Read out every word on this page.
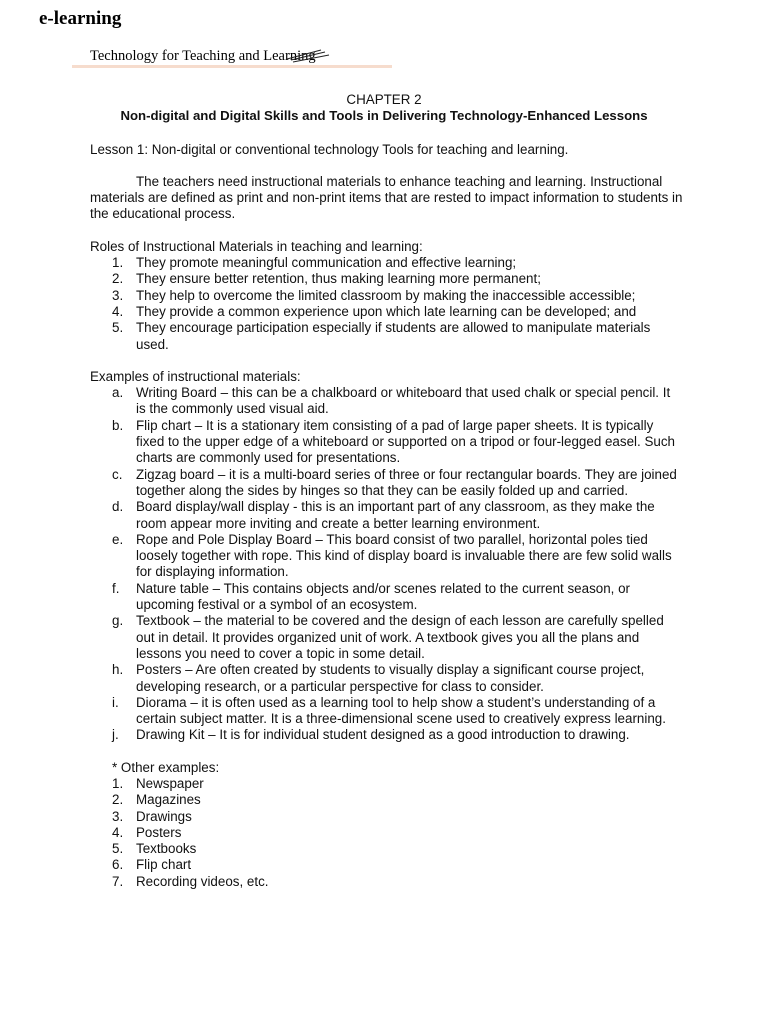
e-learning
Technology for Teaching and Learning
CHAPTER 2
Non-digital and Digital Skills and Tools in Delivering Technology-Enhanced Lessons

Lesson 1: Non-digital or conventional technology Tools for teaching and learning.

The teachers need instructional materials to enhance teaching and learning. Instructional materials are defined as print and non-print items that are rested to impact information to students in the educational process.

Roles of Instructional Materials in teaching and learning:

1. They promote meaningful communication and effective learning;
2. They ensure better retention, thus making learning more permanent;
3. They help to overcome the limited classroom by making the inaccessible accessible;
4. They provide a common experience upon which late learning can be developed; and
5. They encourage participation especially if students are allowed to manipulate materials used.

Examples of instructional materials:

a. Writing Board – this can be a chalkboard or whiteboard that used chalk or special pencil. It is the commonly used visual aid.
b. Flip chart – It is a stationary item consisting of a pad of large paper sheets. It is typically fixed to the upper edge of a whiteboard or supported on a tripod or four-legged easel. Such charts are commonly used for presentations.
c. Zigzag board – it is a multi-board series of three or four rectangular boards. They are joined together along the sides by hinges so that they can be easily folded up and carried.
d. Board display/wall display - this is an important part of any classroom, as they make the room appear more inviting and create a better learning environment.
e. Rope and Pole Display Board – This board consist of two parallel, horizontal poles tied loosely together with rope. This kind of display board is invaluable there are few solid walls for displaying information.
f. Nature table – This contains objects and/or scenes related to the current season, or upcoming festival or a symbol of an ecosystem.
g. Textbook – the material to be covered and the design of each lesson are carefully spelled out in detail. It provides organized unit of work. A textbook gives you all the plans and lessons you need to cover a topic in some detail.
h. Posters – Are often created by students to visually display a significant course project, developing research, or a particular perspective for class to consider.
i. Diorama – it is often used as a learning tool to help show a student’s understanding of a certain subject matter. It is a three-dimensional scene used to creatively express learning.
j. Drawing Kit – It is for individual student designed as a good introduction to drawing.

* Other examples:

1. Newspaper
2. Magazines
3. Drawings
4. Posters
5. Textbooks
6. Flip chart
7. Recording videos, etc.
